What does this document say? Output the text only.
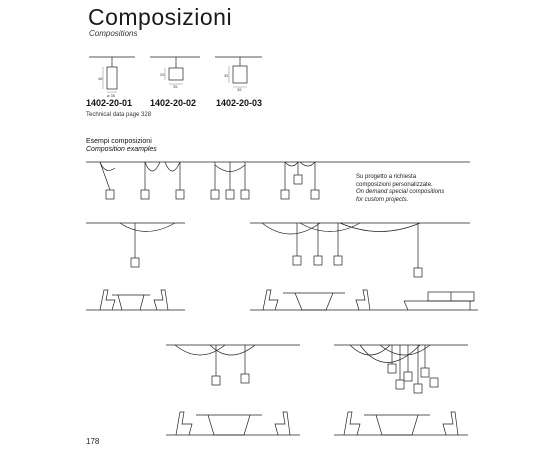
Composizioni
Compositions
48
ø 35
25
35
35
35
1402-20-01 1402-20-02 1402-20-03
Technical data page 328
Esempi composizioni
Composition examples
Su progetto a richiesta
composizioni personalizzate.
On demand special compositions
for custom projects.
178
